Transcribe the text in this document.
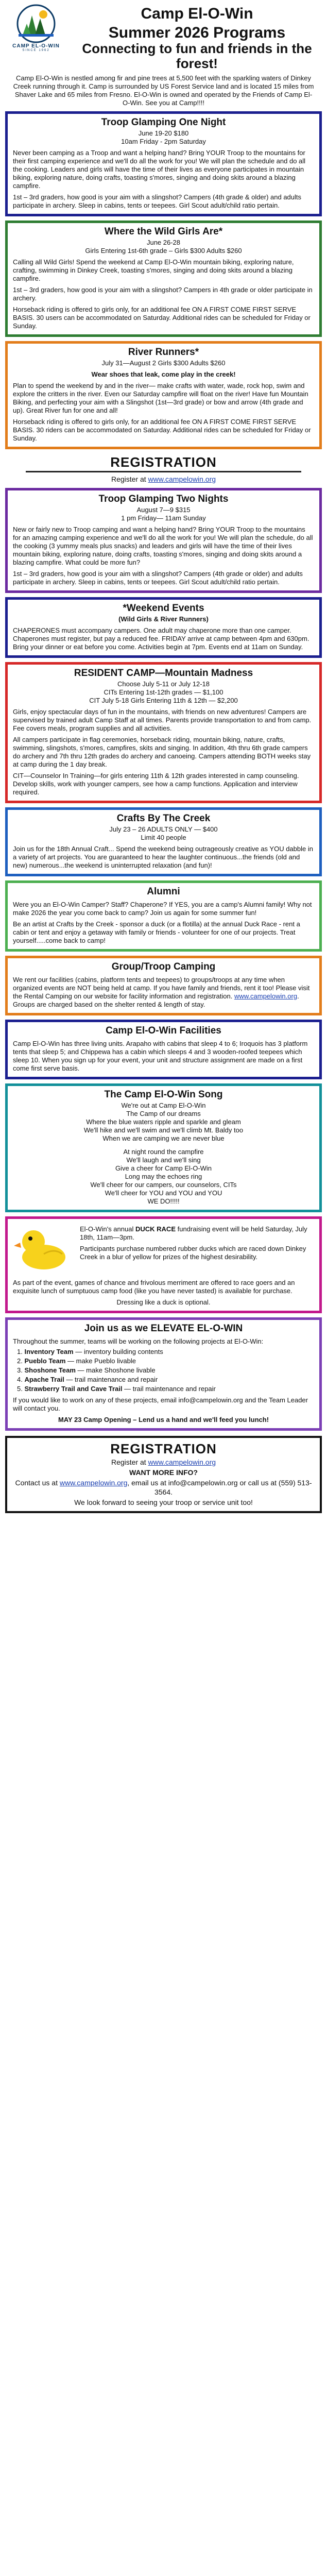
CAMP EL-O-WIN
SINCE 1962
Camp El-O-Win
Summer 2026 Programs
Connecting to fun and friends in the forest!

Camp El-O-Win is nestled among fir and pine trees at 5,500 feet with the sparkling waters of Dinkey Creek running through it. Camp is surrounded by US Forest Service land and is located 15 miles from Shaver Lake and 65 miles from Fresno. El-O-Win is owned and operated by the Friends of Camp El-O-Win. See you at Camp!!!!

Troop Glamping One Night

June 19-20 $180

10am Friday - 2pm Saturday

Never been camping as a Troop and want a helping hand? Bring YOUR Troop to the mountains for their first camping experience and we'll do all the work for you! We will plan the schedule and do all the cooking. Leaders and girls will have the time of their lives as everyone participates in mountain biking, exploring nature, doing crafts, toasting s'mores, singing and doing skits around a blazing campfire.

1st – 3rd graders, how good is your aim with a slingshot? Campers (4th grade & older) and adults participate in archery. Sleep in cabins, tents or teepees. Girl Scout adult/child ratio pertain.

Where the Wild Girls Are*

June 26-28

Girls Entering 1st-6th grade – Girls $300 Adults $260

Calling all Wild Girls! Spend the weekend at Camp El-O-Win mountain biking, exploring nature, crafting, swimming in Dinkey Creek, toasting s'mores, singing and doing skits around a blazing campfire.

1st – 3rd graders, how good is your aim with a slingshot? Campers in 4th grade or older participate in archery.

Horseback riding is offered to girls only, for an additional fee ON A FIRST COME FIRST SERVE BASIS. 30 users can be accommodated on Saturday. Additional rides can be scheduled for Friday or Sunday.

River Runners*

July 31—August 2 Girls $300 Adults $260

Wear shoes that leak, come play in the creek!

Plan to spend the weekend by and in the river— make crafts with water, wade, rock hop, swim and explore the critters in the river. Even our Saturday campfire will float on the river! Have fun Mountain Biking, and perfecting your aim with a Slingshot (1st—3rd grade) or bow and arrow (4th grade and up). Great River fun for one and all!

Horseback riding is offered to girls only, for an additional fee ON A FIRST COME FIRST SERVE BASIS. 30 riders can be accommodated on Saturday. Additional rides can be scheduled for Friday or Sunday.

REGISTRATION

Register at www.campelowin.org

Troop Glamping Two Nights

August 7—9 $315

1 pm Friday— 11am Sunday

New or fairly new to Troop camping and want a helping hand? Bring YOUR Troop to the mountains for an amazing camping experience and we'll do all the work for you! We will plan the schedule, do all the cooking (3 yummy meals plus snacks) and leaders and girls will have the time of their lives mountain biking, exploring nature, doing crafts, toasting s'mores, singing and doing skits around a blazing campfire. What could be more fun?

1st – 3rd graders, how good is your aim with a slingshot? Campers (4th grade or older) and adults participate in archery. Sleep in cabins, tents or teepees. Girl Scout adult/child ratio pertain.

*Weekend Events

(Wild Girls & River Runners)

CHAPERONES must accompany campers. One adult may chaperone more than one camper. Chaperones must register, but pay a reduced fee. FRIDAY arrive at camp between 4pm and 630pm. Bring your dinner or eat before you come. Activities begin at 7pm. Events end at 11am on Sunday.

RESIDENT CAMP—Mountain Madness

Choose July 5-11 or July 12-18

CITs Entering 1st-12th grades — $1,100

CIT July 5-18 Girls Entering 11th & 12th — $2,200

Girls, enjoy spectacular days of fun in the mountains, with friends on new adventures! Campers are supervised by trained adult Camp Staff at all times. Parents provide transportation to and from camp. Fee covers meals, program supplies and all activities.

All campers participate in flag ceremonies, horseback riding, mountain biking, nature, crafts, swimming, slingshots, s'mores, campfires, skits and singing. In addition, 4th thru 6th grade campers do archery and 7th thru 12th grades do archery and canoeing. Campers attending BOTH weeks stay at camp during the 1 day break.

CIT—Counselor In Training—for girls entering 11th & 12th grades interested in camp counseling. Develop skills, work with younger campers, see how a camp functions. Application and interview required.

Crafts By The Creek

July 23 – 26 ADULTS ONLY — $400

Limit 40 people

Join us for the 18th Annual Craft... Spend the weekend being outrageously creative as YOU dabble in a variety of art projects. You are guaranteed to hear the laughter continuous...the friends (old and new) numerous...the weekend is uninterrupted relaxation (and fun)!

Alumni

Were you an El-O-Win Camper? Staff? Chaperone? If YES, you are a camp's Alumni family! Why not make 2026 the year you come back to camp? Join us again for some summer fun!

Be an artist at Crafts by the Creek - sponsor a duck (or a flotilla) at the annual Duck Race - rent a cabin or tent and enjoy a getaway with family or friends - volunteer for one of our projects. Treat yourself.....come back to camp!

Group/Troop Camping

We rent our facilities (cabins, platform tents and teepees) to groups/troops at any time when organized events are NOT being held at camp. If you have family and friends, rent it too! Please visit the Rental Camping on our website for facility information and registration. www.campelowin.org. Groups are charged based on the shelter rented & length of stay.

Camp El-O-Win Facilities

Camp El-O-Win has three living units. Arapaho with cabins that sleep 4 to 6; Iroquois has 3 platform tents that sleep 5; and Chippewa has a cabin which sleeps 4 and 3 wooden-roofed teepees which sleep 10. When you sign up for your event, your unit and structure assignment are made on a first come first serve basis.

The Camp El-O-Win Song
We're out at Camp El-O-Win
The Camp of our dreams
Where the blue waters ripple and sparkle and gleam
We'll hike and we'll swim and we'll climb Mt. Baldy too
When we are camping we are never blue
At night round the campfire
We'll laugh and we'll sing
Give a cheer for Camp El-O-Win
Long may the echoes ring
We'll cheer for our campers, our counselors, CITs
We'll cheer for YOU and YOU and YOU
WE DO!!!!!

El-O-Win's annual DUCK RACE fundraising event will be held Saturday, July 18th, 11am—3pm.

Participants purchase numbered rubber ducks which are raced down Dinkey Creek in a blur of yellow for prizes of the highest desirability.

As part of the event, games of chance and frivolous merriment are offered to race goers and an exquisite lunch of sumptuous camp food (like you have never tasted) is available for purchase.

Dressing like a duck is optional.

Join us as we ELEVATE EL-O-WIN

Throughout the summer, teams will be working on the following projects at El-O-Win:

1. Inventory Team — inventory building contents
2. Pueblo Team — make Pueblo livable
3. Shoshone Team — make Shoshone livable
4. Apache Trail — trail maintenance and repair
5. Strawberry Trail and Cave Trail — trail maintenance and repair

If you would like to work on any of these projects, email info@campelowin.org and the Team Leader will contact you.

MAY 23 Camp Opening – Lend us a hand and we'll feed you lunch!

REGISTRATION

Register at www.campelowin.org

WANT MORE INFO?

Contact us at www.campelowin.org, email us at info@campelowin.org or call us at (559) 513-3564.

We look forward to seeing your troop or service unit too!
